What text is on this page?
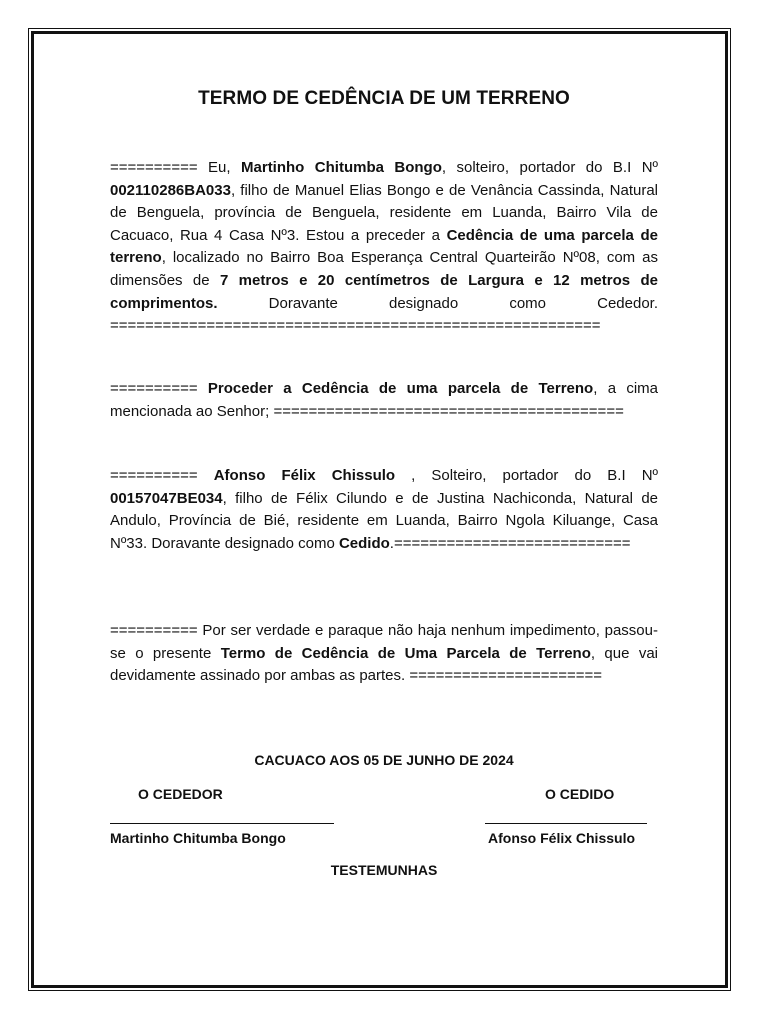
TERMO DE CEDÊNCIA DE UM TERRENO

========== Eu, Martinho Chitumba Bongo, solteiro, portador do B.I Nº 002110286BA033, filho de Manuel Elias Bongo e de Venância Cassinda, Natural de Benguela, província de Benguela, residente em Luanda, Bairro Vila de Cacuaco, Rua 4 Casa Nº3. Estou a preceder a Cedência de uma parcela de terreno, localizado no Bairro Boa Esperança Central Quarteirão Nº08, com as dimensões de 7 metros e 20 centímetros de Largura e 12 metros de comprimentos. Doravante designado como Cededor. ========================================================

========== Proceder a Cedência de uma parcela de Terreno, a cima mencionada ao Senhor; ========================================

========== Afonso Félix Chissulo , Solteiro, portador do B.I Nº 00157047BE034, filho de Félix Cilundo e de Justina Nachiconda, Natural de Andulo, Província de Bié, residente em Luanda, Bairro Ngola Kiluange, Casa Nº33. Doravante designado como Cedido.===========================

========== Por ser verdade e paraque não haja nenhum impedimento, passou-se o presente Termo de Cedência de Uma Parcela de Terreno, que vai devidamente assinado por ambas as partes. ======================

CACUACO AOS 05 DE JUNHO DE 2024
O CEDEDOR	O CEDIDO
Martinho Chitumba Bongo	Afonso Félix Chissulo
TESTEMUNHAS
